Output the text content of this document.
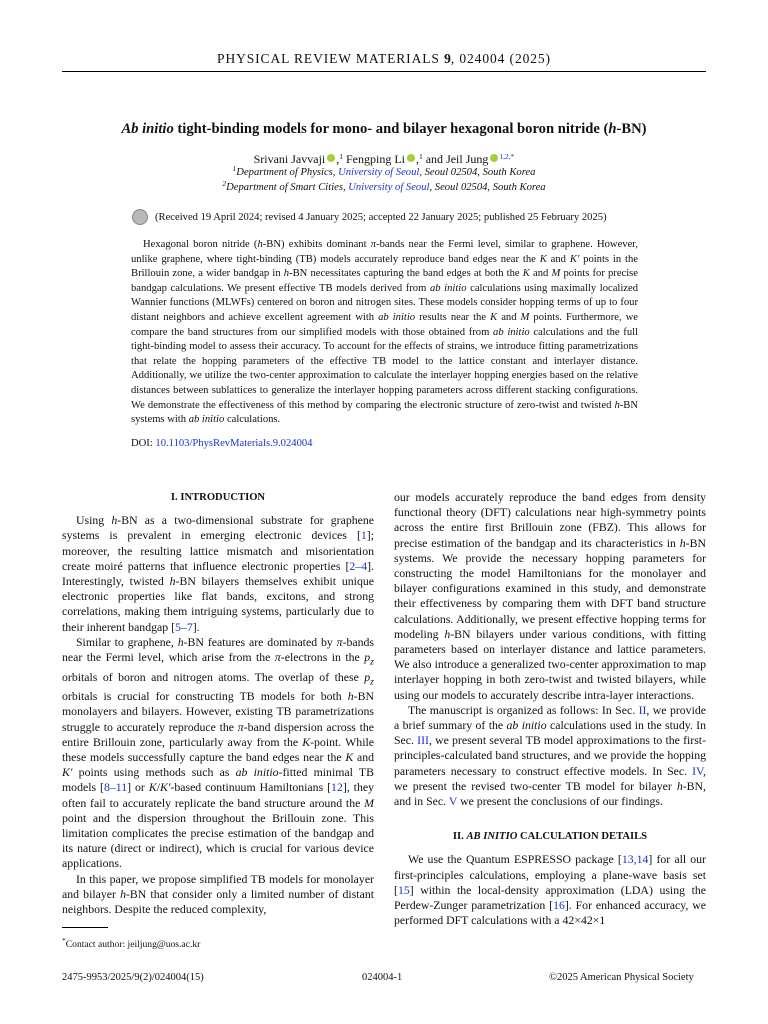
PHYSICAL REVIEW MATERIALS 9, 024004 (2025)
Ab initio tight-binding models for mono- and bilayer hexagonal boron nitride (h-BN)
Srivani Javvaji ,$^1$ Fengping Li ,$^1$ and Jeil Jung $^{1,2,*}$
$^1$Department of Physics, University of Seoul, Seoul 02504, South Korea
$^2$Department of Smart Cities, University of Seoul, Seoul 02504, South Korea
(Received 19 April 2024; revised 4 January 2025; accepted 22 January 2025; published 25 February 2025)
Hexagonal boron nitride (h-BN) exhibits dominant π-bands near the Fermi level, similar to graphene. However, unlike graphene, where tight-binding (TB) models accurately reproduce band edges near the K and K′ points in the Brillouin zone, a wider bandgap in h-BN necessitates capturing the band edges at both the K and M points for precise bandgap calculations. We present effective TB models derived from ab initio calculations using maximally localized Wannier functions (MLWFs) centered on boron and nitrogen sites. These models consider hopping terms of up to four distant neighbors and achieve excellent agreement with ab initio results near the K and M points. Furthermore, we compare the band structures from our simplified models with those obtained from ab initio calculations and the full tight-binding model to assess their accuracy. To account for the effects of strains, we introduce fitting parametrizations that relate the hopping parameters of the effective TB model to the lattice constant and interlayer distance. Additionally, we utilize the two-center approximation to calculate the interlayer hopping energies based on the relative distances between sublattices to generalize the interlayer hopping parameters across different stacking configurations. We demonstrate the effectiveness of this method by comparing the electronic structure of zero-twist and twisted h-BN systems with ab initio calculations.
DOI: 10.1103/PhysRevMaterials.9.024004
I. INTRODUCTION

Using h-BN as a two-dimensional substrate for graphene systems is prevalent in emerging electronic devices [1]; moreover, the resulting lattice mismatch and misorientation create moiré patterns that influence electronic properties [2–4]. Interestingly, twisted h-BN bilayers themselves exhibit unique electronic properties like flat bands, excitons, and strong correlations, making them intriguing systems, particularly due to their inherent bandgap [5–7].

Similar to graphene, h-BN features are dominated by π-bands near the Fermi level, which arise from the π-electrons in the $p_z$ orbitals of boron and nitrogen atoms. The overlap of these $p_z$ orbitals is crucial for constructing TB models for both h-BN monolayers and bilayers. However, existing TB parametrizations struggle to accurately reproduce the π-band dispersion across the entire Brillouin zone, particularly away from the K-point. While these models successfully capture the band edges near the K and K′ points using methods such as ab initio-fitted minimal TB models [8–11] or K/K′-based continuum Hamiltonians [12], they often fail to accurately replicate the band structure around the M point and the dispersion throughout the Brillouin zone. This limitation complicates the precise estimation of the bandgap and its nature (direct or indirect), which is crucial for various device applications.

In this paper, we propose simplified TB models for monolayer and bilayer h-BN that consider only a limited number of distant neighbors. Despite the reduced complexity,

our models accurately reproduce the band edges from density functional theory (DFT) calculations near high-symmetry points across the entire first Brillouin zone (FBZ). This allows for precise estimation of the bandgap and its characteristics in h-BN systems. We provide the necessary hopping parameters for constructing the model Hamiltonians for the monolayer and bilayer configurations examined in this study, and demonstrate their effectiveness by comparing them with DFT band structure calculations. Additionally, we present effective hopping terms for modeling h-BN bilayers under various conditions, with fitting parameters based on interlayer distance and lattice parameters. We also introduce a generalized two-center approximation to map interlayer hopping in both zero-twist and twisted bilayers, while using our models to accurately describe intra-layer interactions.

The manuscript is organized as follows: In Sec. II, we provide a brief summary of the ab initio calculations used in the study. In Sec. III, we present several TB model approximations to the first-principles-calculated band structures, and we provide the hopping parameters necessary to construct effective models. In Sec. IV, we present the revised two-center TB model for bilayer h-BN, and in Sec. V we present the conclusions of our findings.

II. AB INITIO CALCULATION DETAILS

We use the Quantum ESPRESSO package [13,14] for all our first-principles calculations, employing a plane-wave basis set [15] within the local-density approximation (LDA) using the Perdew-Zunger parametrization [16]. For enhanced accuracy, we performed DFT calculations with a 42×42×1

*Contact author: jeiljung@uos.ac.kr
2475-9953/2025/9(2)/024004(15)	024004-1	©2025 American Physical Society
